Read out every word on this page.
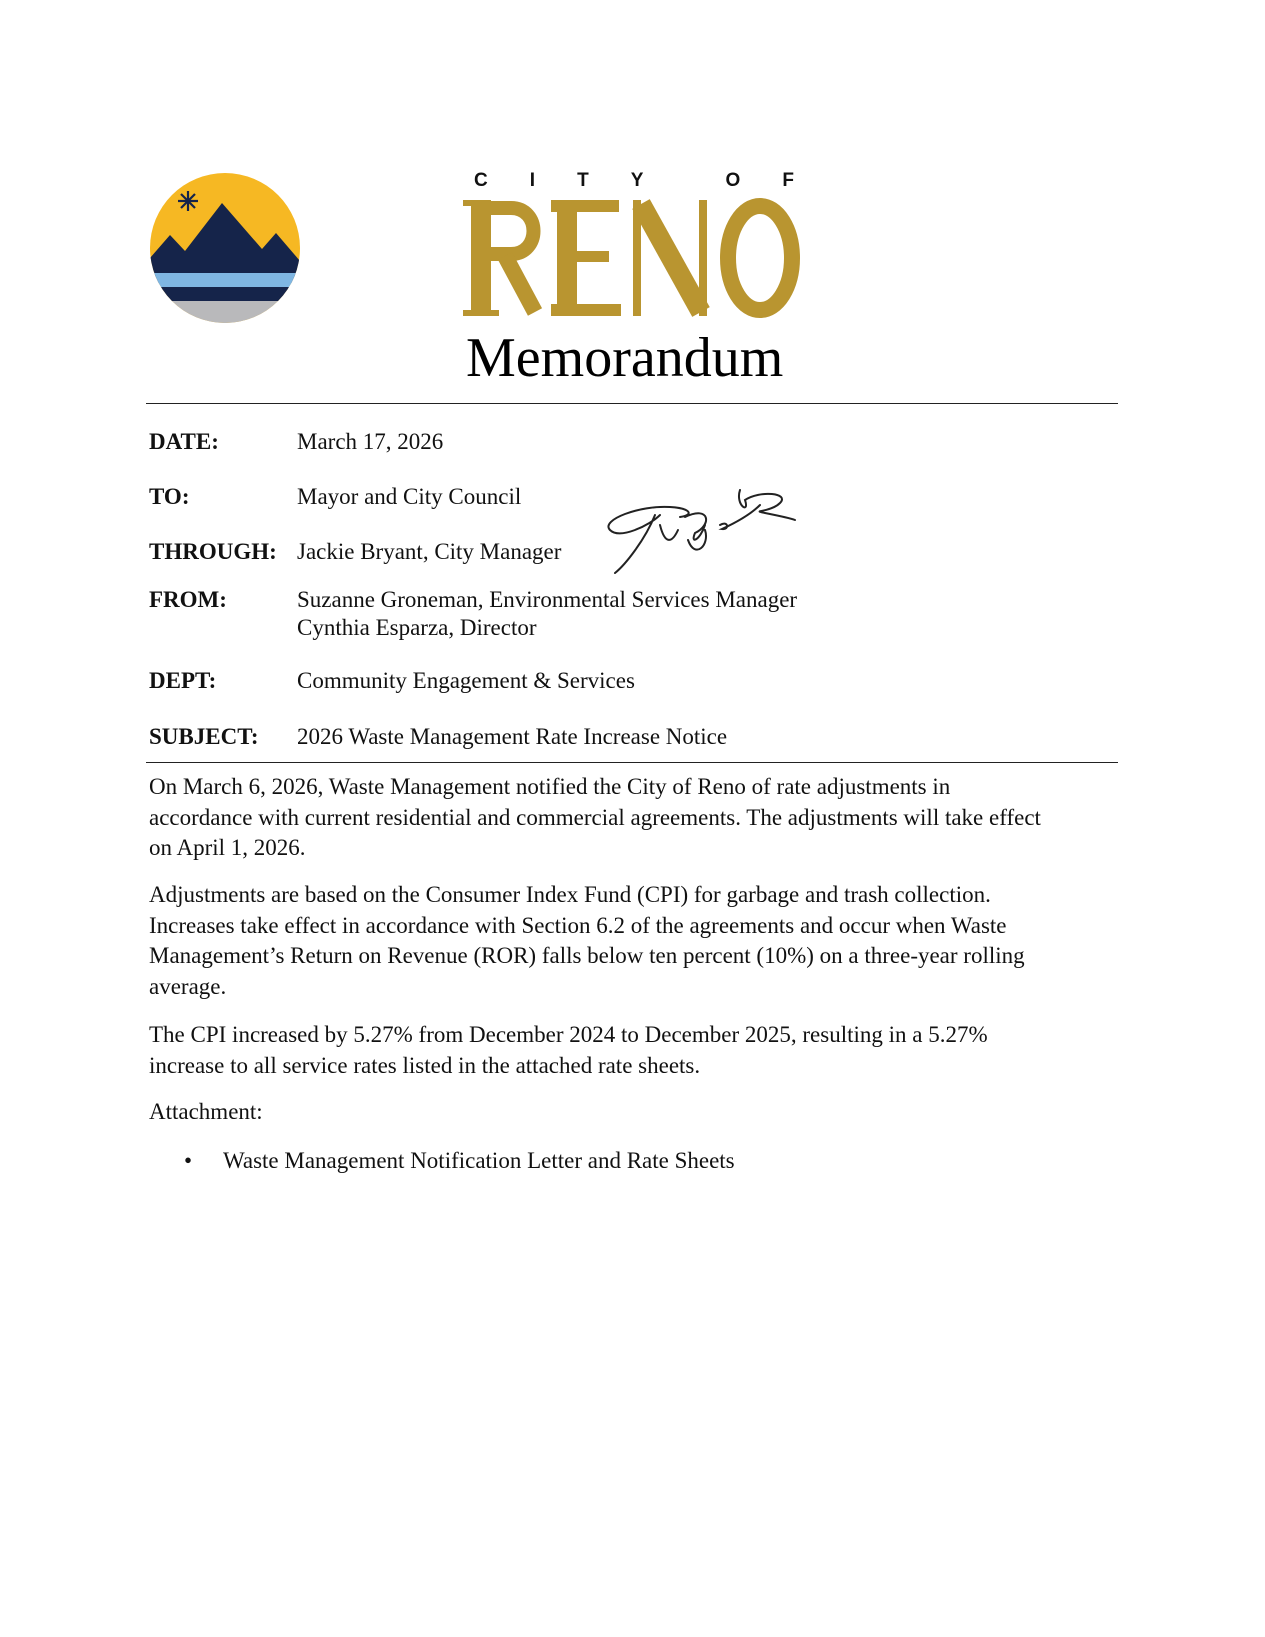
C I T Y	O F
Memorandum
DATE:	March 17, 2026
TO:	Mayor and City Council
THROUGH: Jackie Bryant, City Manager
FROM:	Suzanne Groneman, Environmental Services Manager
Cynthia Esparza, Director
DEPT:	Community Engagement & Services
SUBJECT: 2026 Waste Management Rate Increase Notice
On March 6, 2026, Waste Management notified the City of Reno of rate adjustments in
accordance with current residential and commercial agreements. The adjustments will take effect
on April 1, 2026.
Adjustments are based on the Consumer Index Fund (CPI) for garbage and trash collection.
Increases take effect in accordance with Section 6.2 of the agreements and occur when Waste
Management’s Return on Revenue (ROR) falls below ten percent (10%) on a three-year rolling
average.
The CPI increased by 5.27% from December 2024 to December 2025, resulting in a 5.27%
increase to all service rates listed in the attached rate sheets.
Attachment:
• Waste Management Notification Letter and Rate Sheets
